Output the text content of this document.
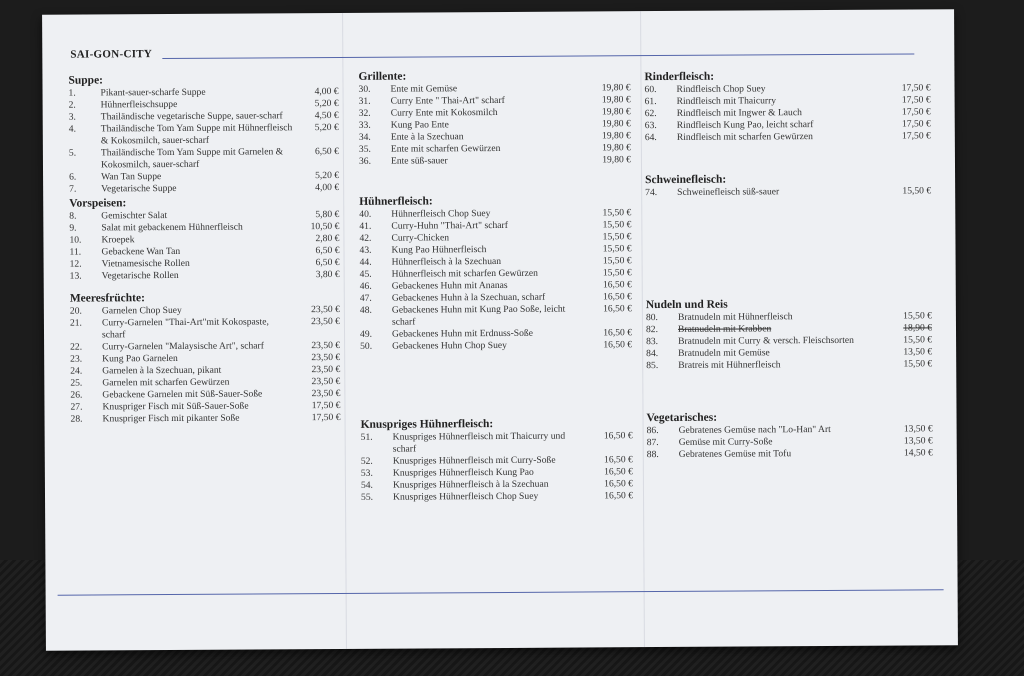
SAI-GON-CITY
Suppe:
1.	Pikant-sauer-scharfe Suppe	4,00 €
2.	Hühnerfleischsuppe	5,20 €
3.	Thailändische vegetarische Suppe, sauer-scharf	4,50 €
4.	Thailändische Tom Yam Suppe mit Hühnerfleisch & Kokosmilch, sauer-scharf
5,20 €
5.	Thailändische Tom Yam Suppe mit Garnelen & Kokosmilch, sauer-scharf
6,50 €
6.	Wan Tan Suppe	5,20 €
7.	Vegetarische Suppe	4,00 €
Vorspeisen:
8.	Gemischter Salat	5,80 €
9.	Salat mit gebackenem Hühnerfleisch	10,50 €
10.	Kroepek	2,80 €
11.	Gebackene Wan Tan	6,50 €
12.	Vietnamesische Rollen	6,50 €
13.	Vegetarische Rollen	3,80 €
Meeresfrüchte:
20.	Garnelen Chop Suey	23,50 €
21.	Curry-Garnelen "Thai-Art"mit Kokospaste, scharf
23,50 €
22.	Curry-Garnelen "Malaysische Art", scharf	23,50 €
23.	Kung Pao Garnelen	23,50 €
24.	Garnelen à la Szechuan, pikant	23,50 €
25.	Garnelen mit scharfen Gewürzen	23,50 €
26.	Gebackene Garnelen mit Süß-Sauer-Soße	23,50 €
27.	Knuspriger Fisch mit Süß-Sauer-Soße	17,50 €
28.	Knuspriger Fisch mit pikanter Soße	17,50 €
Grillente:
30.	Ente mit Gemüse	19,80 €
31.	Curry Ente " Thai-Art" scharf	19,80 €
32.	Curry Ente mit Kokosmilch	19,80 €
33.	Kung Pao Ente	19,80 €
34.	Ente à la Szechuan	19,80 €
35.	Ente mit scharfen Gewürzen	19,80 €
36.	Ente süß-sauer	19,80 €
Hühnerfleisch:
40.	Hühnerfleisch Chop Suey	15,50 €
41.	Curry-Huhn "Thai-Art" scharf	15,50 €
42.	Curry-Chicken	15,50 €
43.	Kung Pao Hühnerfleisch	15,50 €
44.	Hühnerfleisch à la Szechuan	15,50 €
45.	Hühnerfleisch mit scharfen Gewürzen	15,50 €
46.	Gebackenes Huhn mit Ananas	16,50 €
47.	Gebackenes Huhn à la Szechuan, scharf	16,50 €
48.	Gebackenes Huhn mit Kung Pao Soße, leicht scharf
16,50 €
49.	Gebackenes Huhn mit Erdnuss-Soße	16,50 €
50.	Gebackenes Huhn Chop Suey	16,50 €
Knuspriges Hühnerfleisch:
51.	Knuspriges Hühnerfleisch mit Thaicurry und scharf
16,50 €
52.	Knuspriges Hühnerfleisch mit Curry-Soße	16,50 €
53.	Knuspriges Hühnerfleisch Kung Pao	16,50 €
54.	Knuspriges Hühnerfleisch à la Szechuan	16,50 €
55.	Knuspriges Hühnerfleisch Chop Suey	16,50 €
Rinderfleisch:
60.	Rindfleisch Chop Suey	17,50 €
61.	Rindfleisch mit Thaicurry	17,50 €
62.	Rindfleisch mit Ingwer & Lauch	17,50 €
63.	Rindfleisch Kung Pao, leicht scharf	17,50 €
64.	Rindfleisch mit scharfen Gewürzen	17,50 €
Schweinefleisch:
74.	Schweinefleisch süß-sauer	15,50 €
Nudeln und Reis
80.	Bratnudeln mit Hühnerfleisch	15,50 €
82.	Bratnudeln mit Krabben	18,90 €
83.	Bratnudeln mit Curry & versch. Fleischsorten	15,50 €
84.	Bratnudeln mit Gemüse	13,50 €
85.	Bratreis mit Hühnerfleisch	15,50 €
Vegetarisches:
86.	Gebratenes Gemüse nach "Lo-Han" Art	13,50 €
87.	Gemüse mit Curry-Soße	13,50 €
88.	Gebratenes Gemüse mit Tofu	14,50 €
